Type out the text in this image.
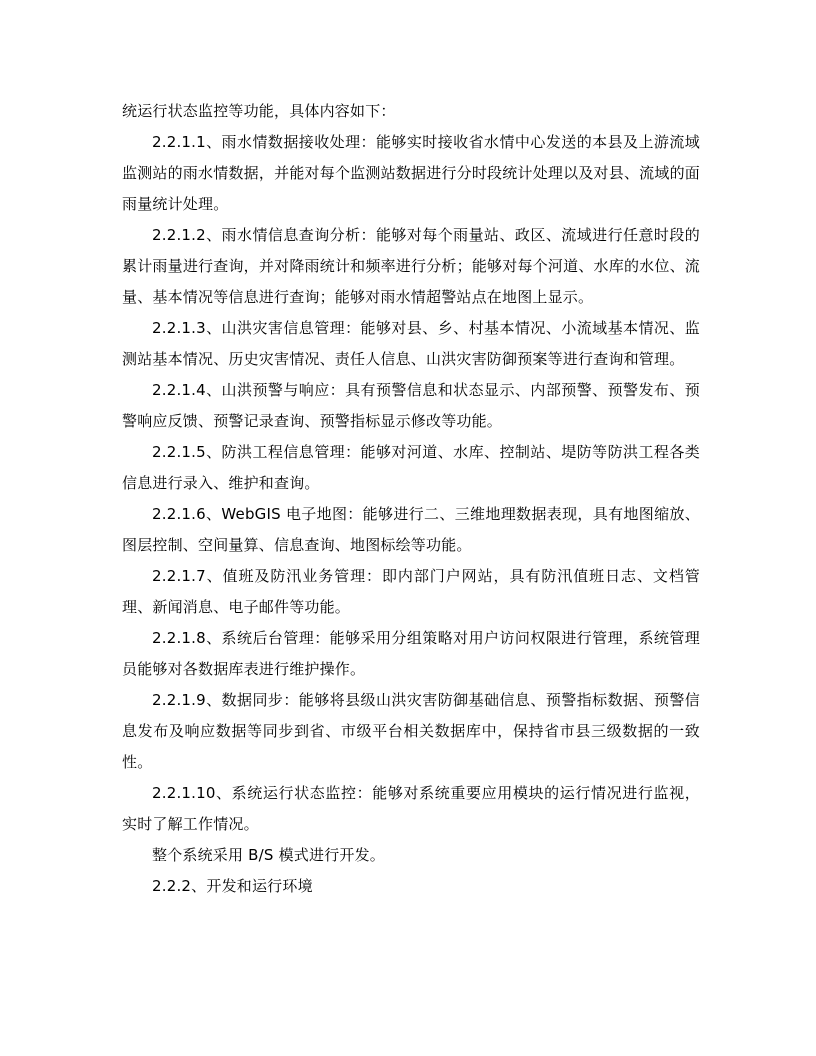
统运行状态监控等功能，具体内容如下：

2.2.1.1、雨水情数据接收处理：能够实时接收省水情中心发送的本县及上游流域监测站的雨水情数据，并能对每个监测站数据进行分时段统计处理以及对县、流域的面雨量统计处理。

2.2.1.2、雨水情信息查询分析：能够对每个雨量站、政区、流域进行任意时段的累计雨量进行查询，并对降雨统计和频率进行分析；能够对每个河道、水库的水位、流量、基本情况等信息进行查询；能够对雨水情超警站点在地图上显示。

2.2.1.3、山洪灾害信息管理：能够对县、乡、村基本情况、小流域基本情况、监测站基本情况、历史灾害情况、责任人信息、山洪灾害防御预案等进行查询和管理。

2.2.1.4、山洪预警与响应：具有预警信息和状态显示、内部预警、预警发布、预警响应反馈、预警记录查询、预警指标显示修改等功能。

2.2.1.5、防洪工程信息管理：能够对河道、水库、控制站、堤防等防洪工程各类信息进行录入、维护和查询。

2.2.1.6、WebGIS 电子地图：能够进行二、三维地理数据表现，具有地图缩放、图层控制、空间量算、信息查询、地图标绘等功能。

2.2.1.7、值班及防汛业务管理：即内部门户网站，具有防汛值班日志、文档管理、新闻消息、电子邮件等功能。

2.2.1.8、系统后台管理：能够采用分组策略对用户访问权限进行管理，系统管理员能够对各数据库表进行维护操作。

2.2.1.9、数据同步：能够将县级山洪灾害防御基础信息、预警指标数据、预警信息发布及响应数据等同步到省、市级平台相关数据库中，保持省市县三级数据的一致性。

2.2.1.10、系统运行状态监控：能够对系统重要应用模块的运行情况进行监视，实时了解工作情况。

整个系统采用 B/S 模式进行开发。

2.2.2、开发和运行环境
